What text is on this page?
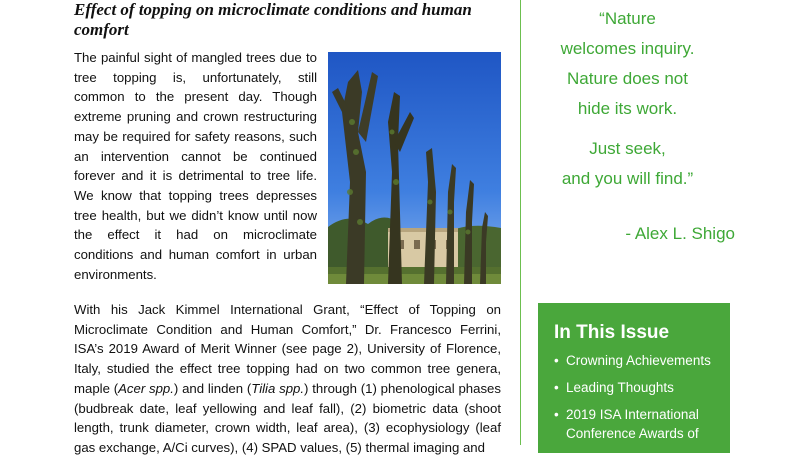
Effect of topping on microclimate conditions and human comfort

The painful sight of mangled trees due to tree topping is, unfortunately, still common to the present day. Though extreme pruning and crown restructuring may be required for safety reasons, such an intervention cannot be continued forever and it is detrimental to tree life. We know that topping trees depresses tree health, but we didn’t know until now the effect it had on microclimate conditions and human comfort in urban environments.

With his Jack Kimmel International Grant, “Effect of Topping on Microclimate Condition and Human Comfort,” Dr. Francesco Ferrini, ISA’s 2019 Award of Merit Winner (see page 2), University of Florence, Italy, studied the effect tree topping had on two common tree genera, maple (Acer spp.) and linden (Tilia spp.) through (1) phenological phases (budbreak date, leaf yellowing and leaf fall), (2) biometric data (shoot length, trunk diameter, crown width, leaf area), (3) ecophysiology (leaf gas exchange, A/Ci curves), (4) SPAD values, (5) thermal imaging and

“Nature
welcomes inquiry.
Nature does not
hide its work.
Just seek,
and you will find.”
- Alex L. Shigo
In This Issue
• Crowning Achievements
• Leading Thoughts
• 2019 ISA International Conference Awards of
